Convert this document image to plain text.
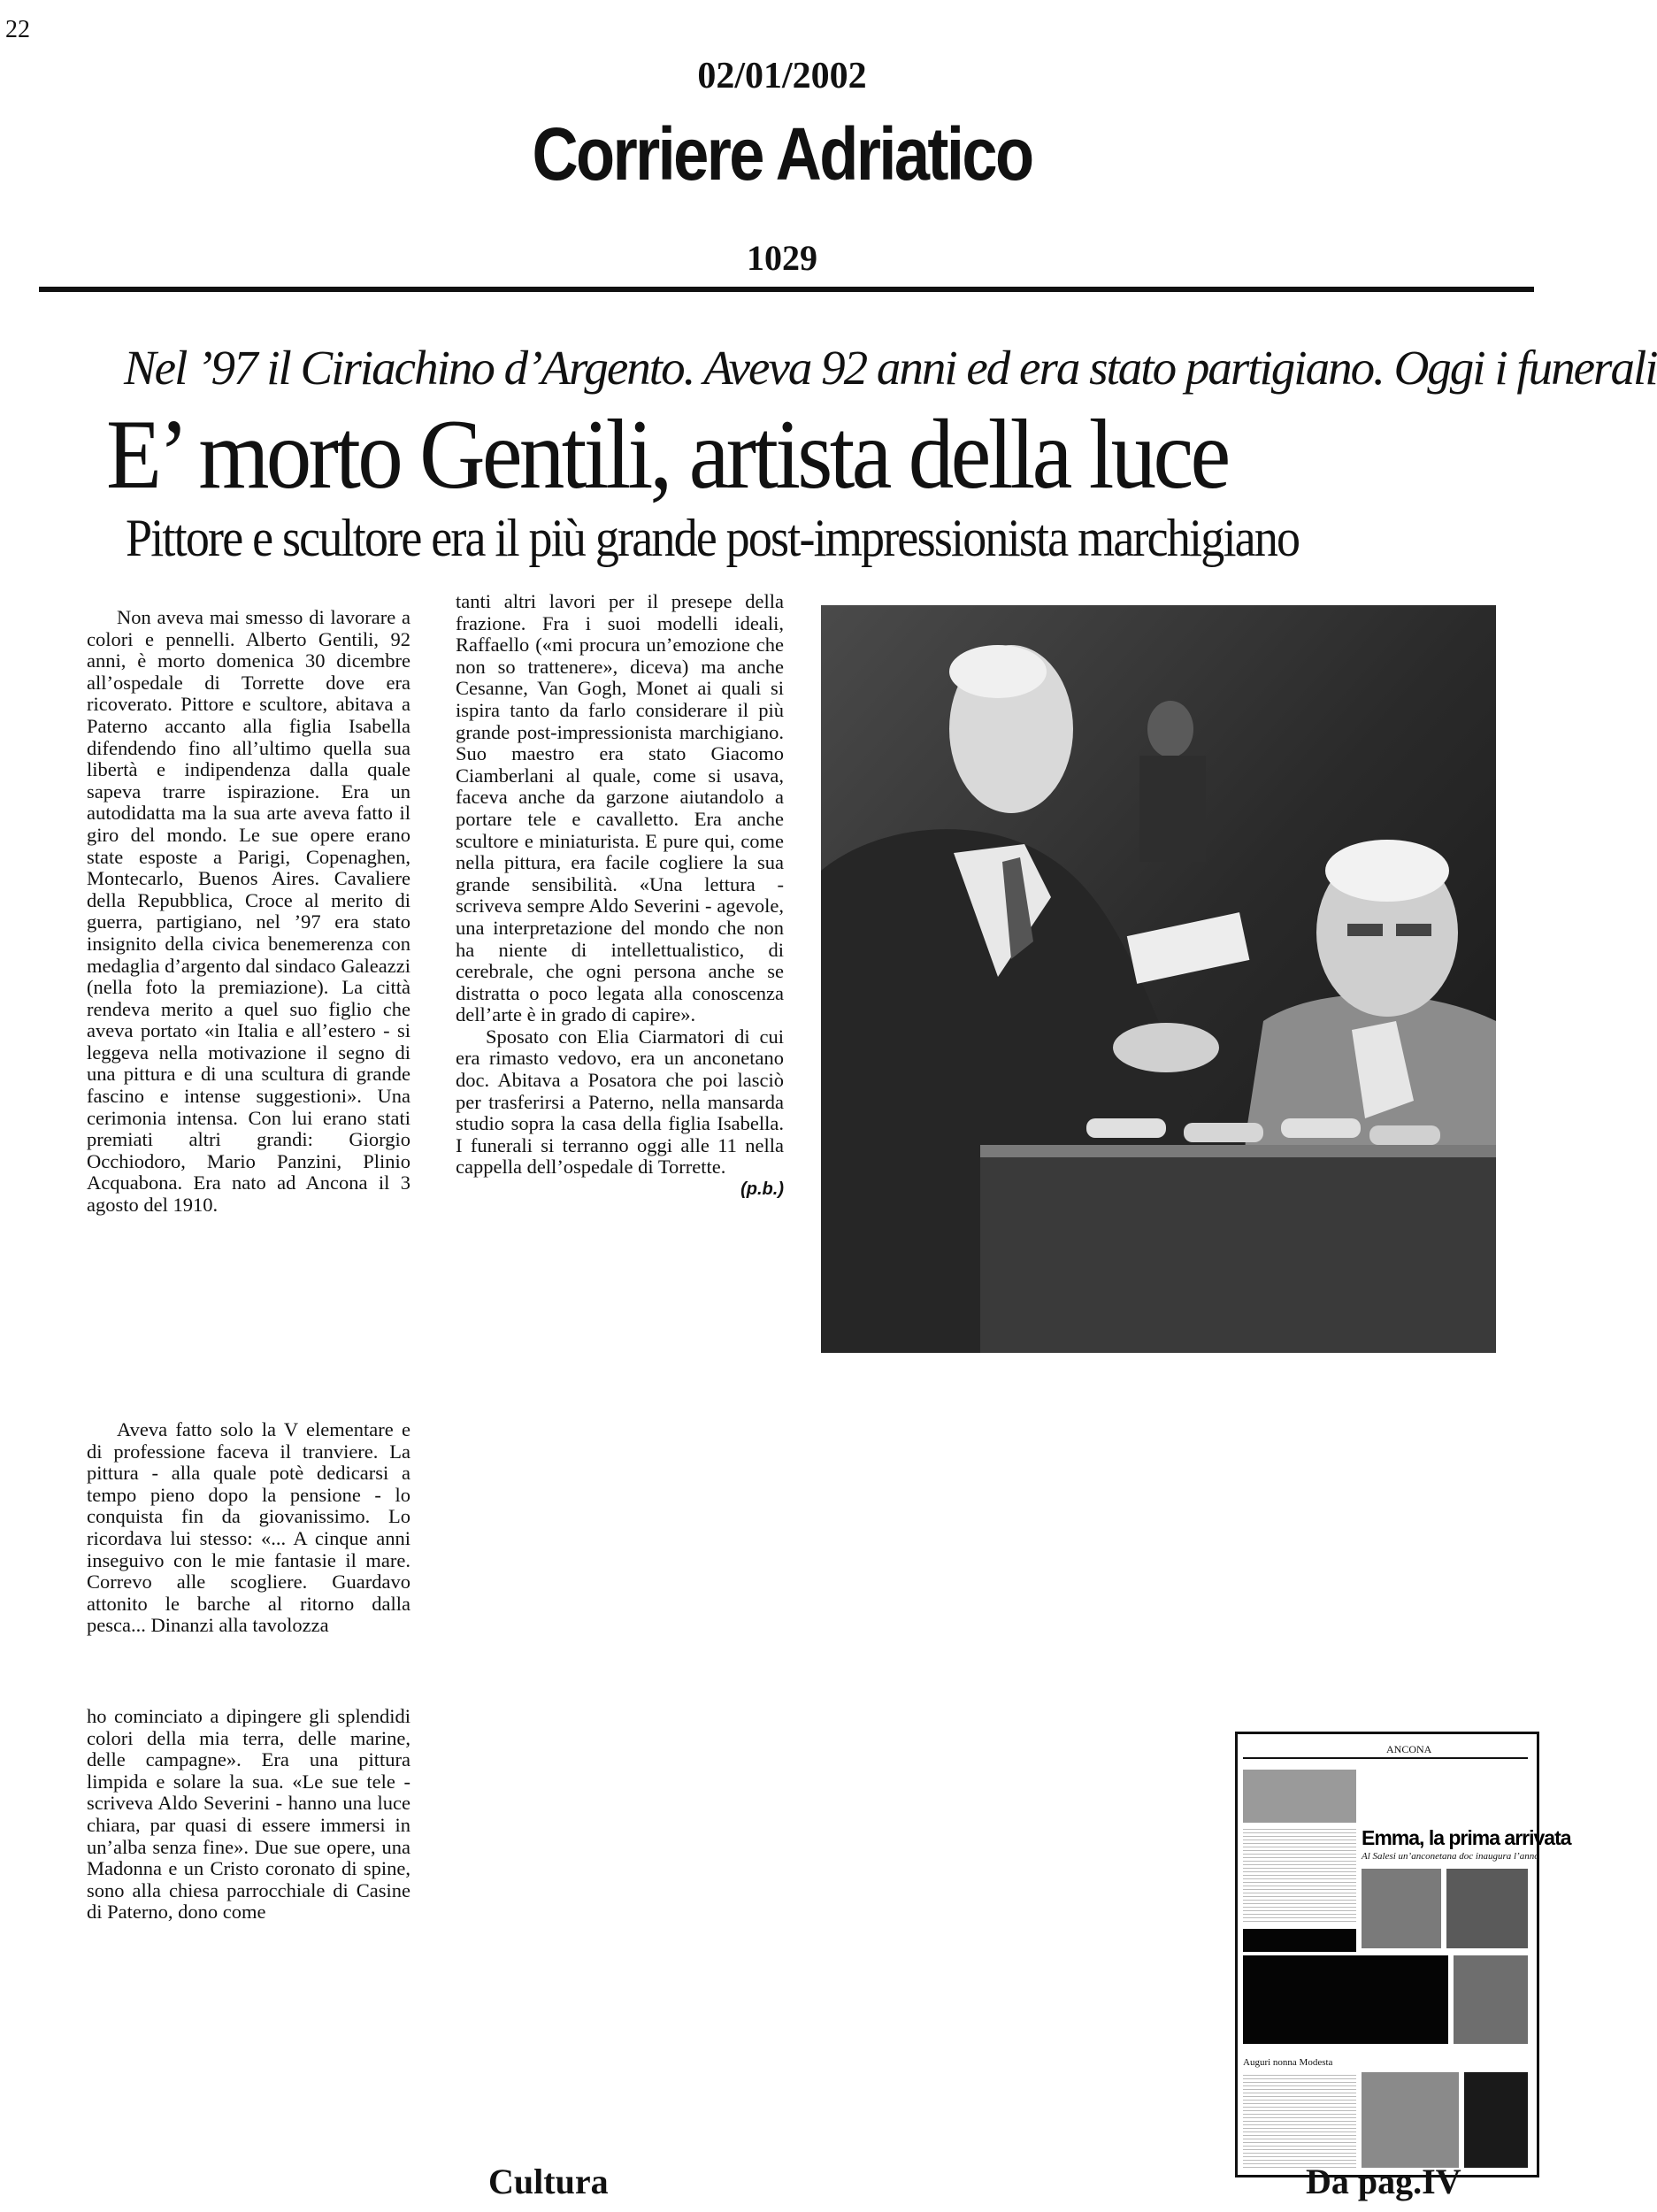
22
02/01/2002
Corriere Adriatico
1029
Nel ’97 il Ciriachino d’Argento. Aveva 92 anni ed era stato partigiano. Oggi i funerali
E’ morto Gentili, artista della luce
Pittore e scultore era il più grande post-impressionista marchigiano

Non aveva mai smesso di lavorare a colori e pennelli. Alberto Gentili, 92 anni, è morto domenica 30 dicembre all’ospedale di Torrette dove era ricoverato. Pittore e scultore, abitava a Paterno accanto alla figlia Isabella difendendo fino all’ultimo quella sua libertà e indipendenza dalla quale sapeva trarre ispirazione. Era un autodidatta ma la sua arte aveva fatto il giro del mondo. Le sue opere erano state esposte a Parigi, Copenaghen, Montecarlo, Buenos Aires. Cavaliere della Repubblica, Croce al merito di guerra, partigiano, nel ’97 era stato insignito della civica benemerenza con medaglia d’argento dal sindaco Galeazzi (nella foto la premiazione). La città rendeva merito a quel suo figlio che aveva portato «in Italia e all’estero - si leggeva nella motivazione il segno di una pittura e di una scultura di grande fascino e intense suggestioni». Una cerimonia intensa. Con lui erano stati premiati altri grandi: Giorgio Occhiodoro, Mario Panzini, Plinio Acquabona. Era nato ad Ancona il 3 agosto del 1910.

Aveva fatto solo la V elementare e di professione faceva il tranviere. La pittura - alla quale potè dedicarsi a tempo pieno dopo la pensione - lo conquista fin da giovanissimo. Lo ricordava lui stesso: «... A cinque anni inseguivo con le mie fantasie il mare. Correvo alle scogliere. Guardavo attonito le barche al ritorno dalla pesca... Dinanzi alla tavolozza

ho cominciato a dipingere gli splendidi colori della mia terra, delle marine, delle campagne». Era una pittura limpida e solare la sua. «Le sue tele - scriveva Aldo Severini - hanno una luce chiara, par quasi di essere immersi in un’alba senza fine». Due sue opere, una Madonna e un Cristo coronato di spine, sono alla chiesa parrocchiale di Casine di Paterno, dono come

tanti altri lavori per il presepe della frazione. Fra i suoi modelli ideali, Raffaello («mi procura un’emozione che non so trattenere», diceva) ma anche Cesanne, Van Gogh, Monet ai quali si ispira tanto da farlo considerare il più grande post-impressionista marchigiano. Suo maestro era stato Giacomo Ciamberlani al quale, come si usava, faceva anche da garzone aiutandolo a portare tele e cavalletto. Era anche scultore e miniaturista. E pure qui, come nella pittura, era facile cogliere la sua grande sensibilità. «Una lettura - scriveva sempre Aldo Severini - agevole, una interpretazione del mondo che non ha niente di intellettualistico, di cerebrale, che ogni persona anche se distratta o poco legata alla conoscenza dell’arte è in grado di capire».

Sposato con Elia Ciarmatori di cui era rimasto vedovo, era un anconetano doc. Abitava a Posatora che poi lasciò per trasferirsi a Paterno, nella mansarda studio sopra la casa della figlia Isabella. I funerali si terranno oggi alle 11 nella cappella dell’ospedale di Torrette.
(p.b.)

ANCONA
Emma, la prima arrivata
Al Salesi un’anconetana doc inaugura l’anno
Auguri nonna Modesta
Cultura	Da pag.IV
